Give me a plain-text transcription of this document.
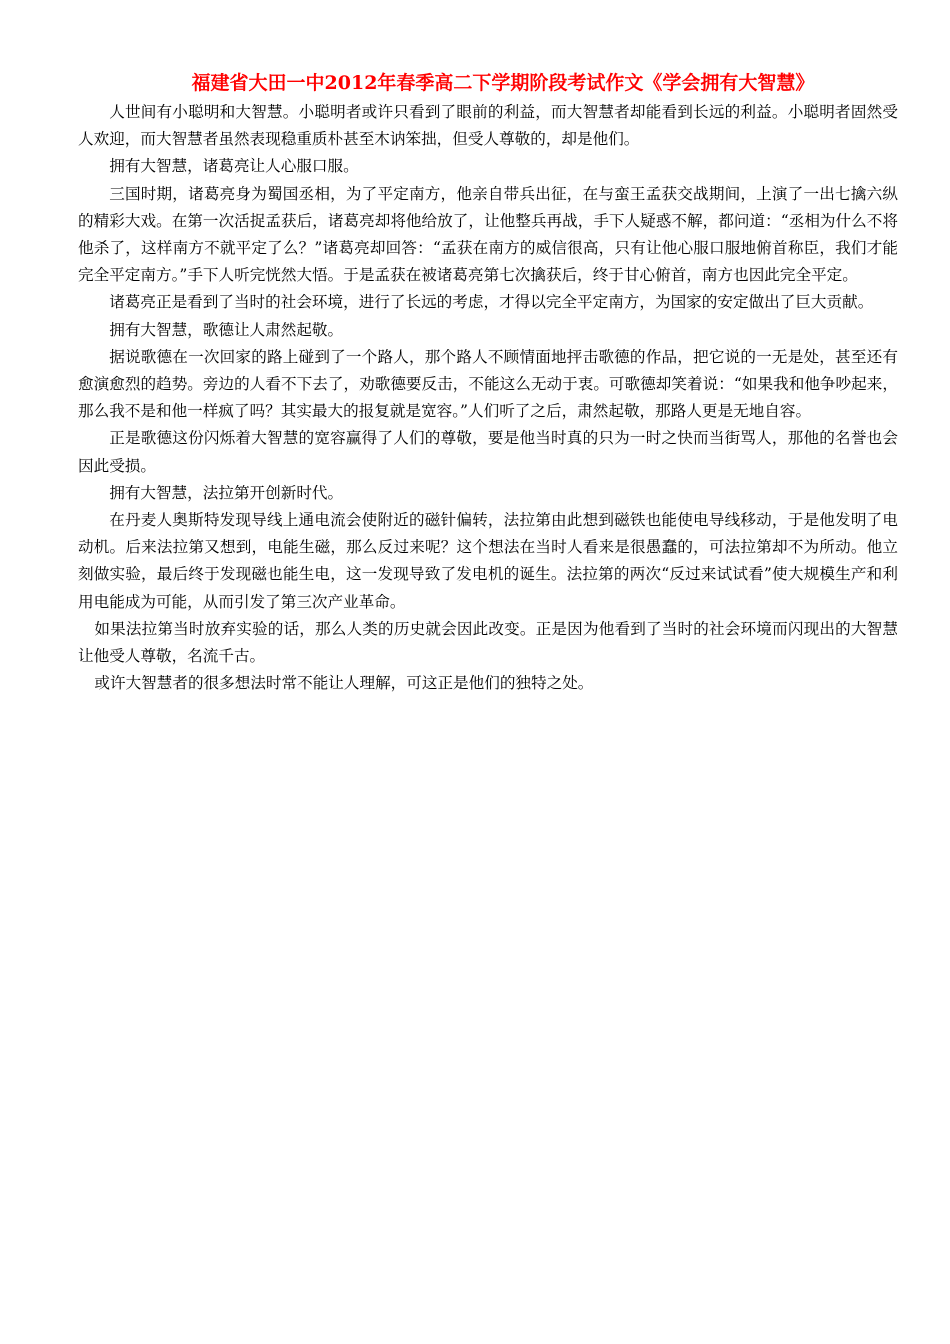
福建省大田一中2012年春季高二下学期阶段考试作文《学会拥有大智慧》

人世间有小聪明和大智慧。小聪明者或许只看到了眼前的利益，而大智慧者却能看到长远的利益。小聪明者固然受人欢迎，而大智慧者虽然表现稳重质朴甚至木讷笨拙，但受人尊敬的，却是他们。

拥有大智慧，诸葛亮让人心服口服。

三国时期，诸葛亮身为蜀国丞相，为了平定南方，他亲自带兵出征，在与蛮王孟获交战期间，上演了一出七擒六纵的精彩大戏。在第一次活捉孟获后，诸葛亮却将他给放了，让他整兵再战，手下人疑惑不解，都问道：“丞相为什么不将他杀了，这样南方不就平定了么？”诸葛亮却回答：“孟获在南方的威信很高，只有让他心服口服地俯首称臣，我们才能完全平定南方。”手下人听完恍然大悟。于是孟获在被诸葛亮第七次擒获后，终于甘心俯首，南方也因此完全平定。

诸葛亮正是看到了当时的社会环境，进行了长远的考虑，才得以完全平定南方，为国家的安定做出了巨大贡献。

拥有大智慧，歌德让人肃然起敬。

据说歌德在一次回家的路上碰到了一个路人，那个路人不顾情面地抨击歌德的作品，把它说的一无是处，甚至还有愈演愈烈的趋势。旁边的人看不下去了，劝歌德要反击，不能这么无动于衷。可歌德却笑着说：“如果我和他争吵起来，那么我不是和他一样疯了吗？其实最大的报复就是宽容。”人们听了之后，肃然起敬，那路人更是无地自容。

正是歌德这份闪烁着大智慧的宽容赢得了人们的尊敬，要是他当时真的只为一时之快而当街骂人，那他的名誉也会因此受损。

拥有大智慧，法拉第开创新时代。

在丹麦人奥斯特发现导线上通电流会使附近的磁针偏转，法拉第由此想到磁铁也能使电导线移动，于是他发明了电动机。后来法拉第又想到，电能生磁，那么反过来呢？这个想法在当时人看来是很愚蠢的，可法拉第却不为所动。他立刻做实验，最后终于发现磁也能生电，这一发现导致了发电机的诞生。法拉第的两次“反过来试试看”使大规模生产和利用电能成为可能，从而引发了第三次产业革命。

如果法拉第当时放弃实验的话，那么人类的历史就会因此改变。正是因为他看到了当时的社会环境而闪现出的大智慧让他受人尊敬，名流千古。

或许大智慧者的很多想法时常不能让人理解，可这正是他们的独特之处。
